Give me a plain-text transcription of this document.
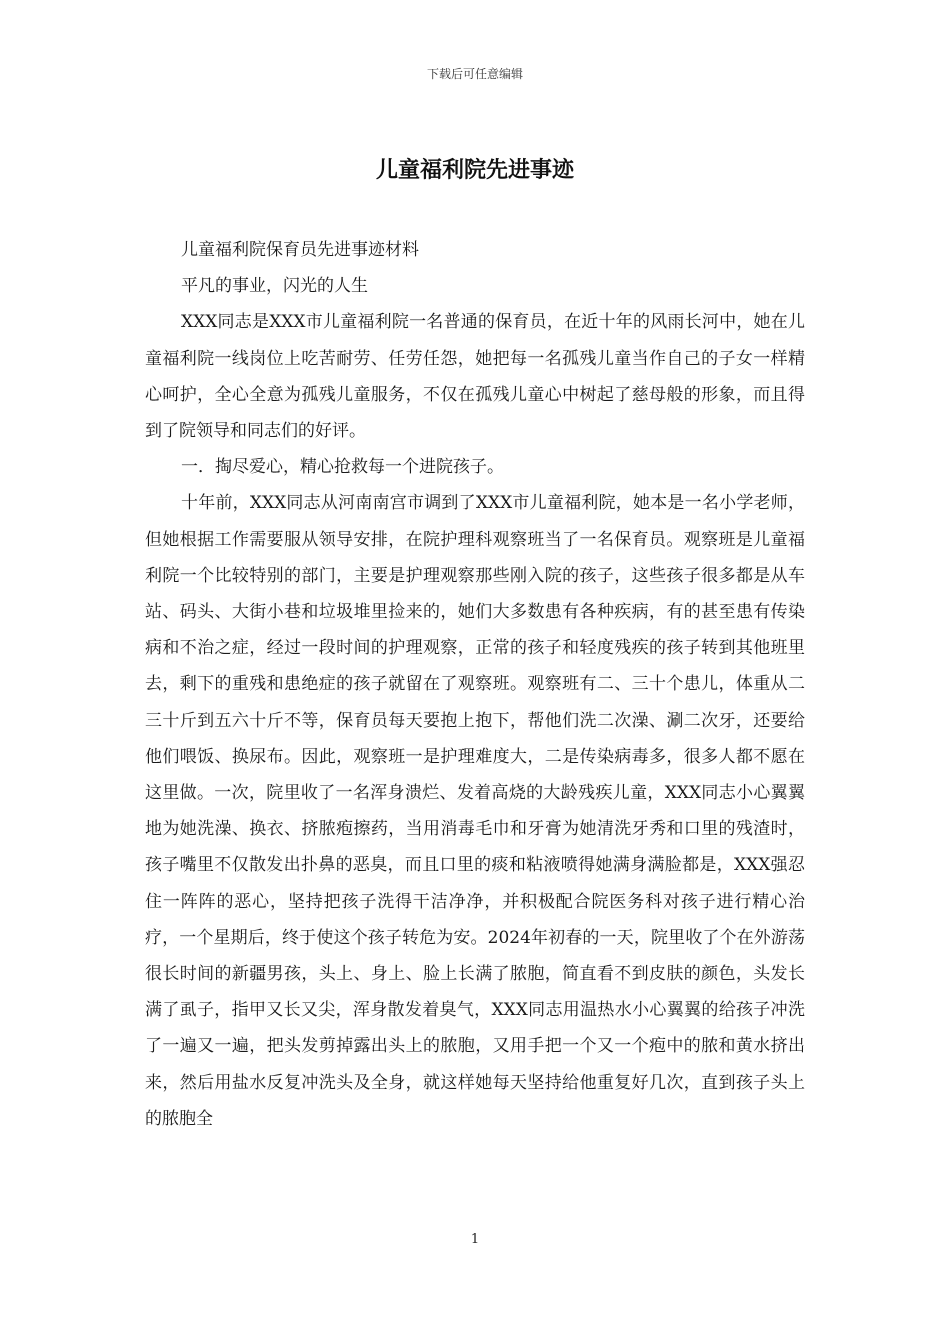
下载后可任意编辑
儿童福利院先进事迹

儿童福利院保育员先进事迹材料

平凡的事业，闪光的人生

XXX同志是XXX市儿童福利院一名普通的保育员，在近十年的风雨长河中，她在儿童福利院一线岗位上吃苦耐劳、任劳任怨，她把每一名孤残儿童当作自己的子女一样精心呵护，全心全意为孤残儿童服务，不仅在孤残儿童心中树起了慈母般的形象，而且得到了院领导和同志们的好评。

一．掏尽爱心，精心抢救每一个进院孩子。

十年前，XXX同志从河南南宫市调到了XXX市儿童福利院，她本是一名小学老师，但她根据工作需要服从领导安排，在院护理科观察班当了一名保育员。观察班是儿童福利院一个比较特别的部门，主要是护理观察那些刚入院的孩子，这些孩子很多都是从车站、码头、大街小巷和垃圾堆里捡来的，她们大多数患有各种疾病，有的甚至患有传染病和不治之症，经过一段时间的护理观察，正常的孩子和轻度残疾的孩子转到其他班里去，剩下的重残和患绝症的孩子就留在了观察班。观察班有二、三十个患儿，体重从二三十斤到五六十斤不等，保育员每天要抱上抱下，帮他们洗二次澡、涮二次牙，还要给他们喂饭、换尿布。因此，观察班一是护理难度大，二是传染病毒多，很多人都不愿在这里做。一次，院里收了一名浑身溃烂、发着高烧的大龄残疾儿童，XXX同志小心翼翼地为她洗澡、换衣、挤脓疱擦药，当用消毒毛巾和牙膏为她清洗牙秀和口里的残渣时，孩子嘴里不仅散发出扑鼻的恶臭，而且口里的痰和粘液喷得她满身满脸都是，XXX强忍住一阵阵的恶心，坚持把孩子洗得干洁净净，并积极配合院医务科对孩子进行精心治疗，一个星期后，终于使这个孩子转危为安。2024年初春的一天，院里收了个在外游荡很长时间的新疆男孩，头上、身上、脸上长满了脓胞，简直看不到皮肤的颜色，头发长满了虱子，指甲又长又尖，浑身散发着臭气，XXX同志用温热水小心翼翼的给孩子冲洗了一遍又一遍，把头发剪掉露出头上的脓胞，又用手把一个又一个疱中的脓和黄水挤出来，然后用盐水反复冲洗头及全身，就这样她每天坚持给他重复好几次，直到孩子头上的脓胞全

1
